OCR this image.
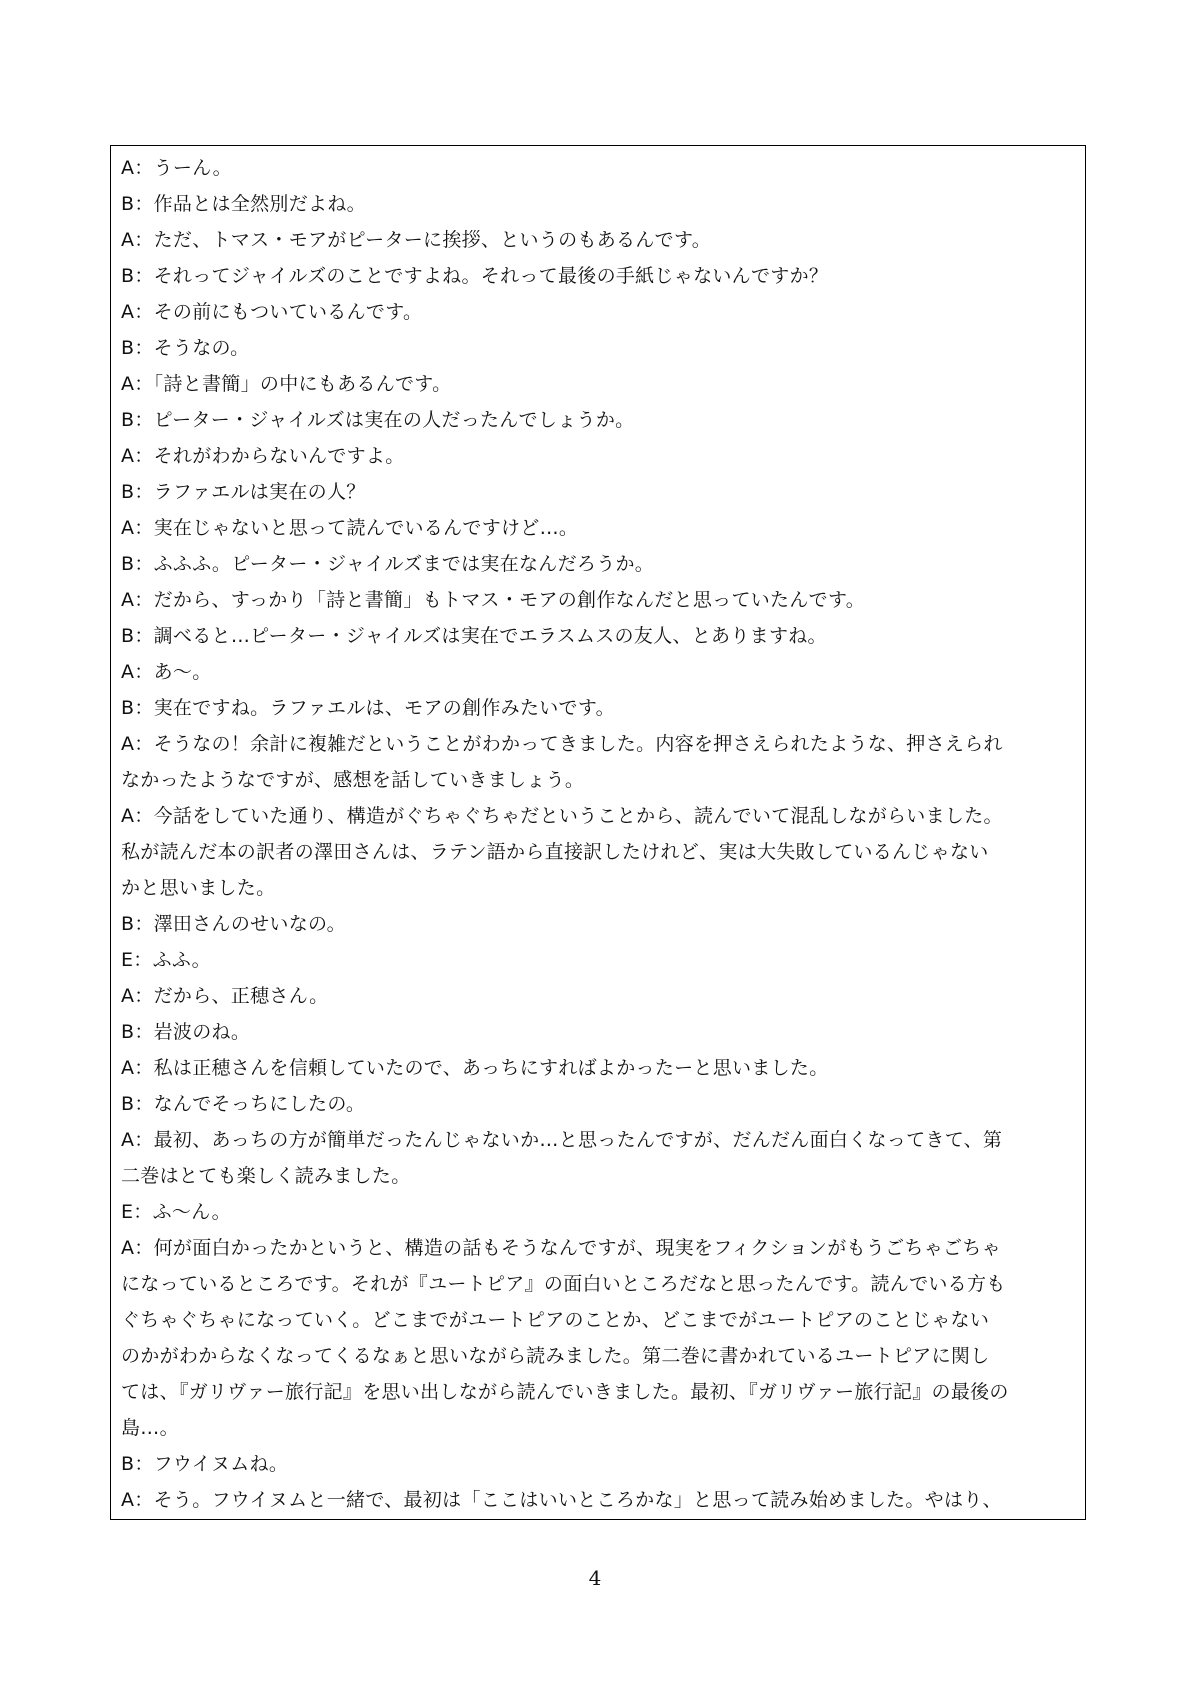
A：うーん。
B：作品とは全然別だよね。
A：ただ、トマス・モアがピーターに挨拶、というのもあるんです。
B：それってジャイルズのことですよね。それって最後の手紙じゃないんですか？
A：その前にもついているんです。
B：そうなの。
A：「詩と書簡」の中にもあるんです。
B：ピーター・ジャイルズは実在の人だったんでしょうか。
A：それがわからないんですよ。
B：ラファエルは実在の人？
A：実在じゃないと思って読んでいるんですけど…。
B：ふふふ。ピーター・ジャイルズまでは実在なんだろうか。
A：だから、すっかり「詩と書簡」もトマス・モアの創作なんだと思っていたんです。
B：調べると…ピーター・ジャイルズは実在でエラスムスの友人、とありますね。
A：あ〜。
B：実在ですね。ラファエルは、モアの創作みたいです。
A：そうなの！余計に複雑だということがわかってきました。内容を押さえられたような、押さえられ
なかったようなですが、感想を話していきましょう。
A：今話をしていた通り、構造がぐちゃぐちゃだということから、読んでいて混乱しながらいました。
私が読んだ本の訳者の澤田さんは、ラテン語から直接訳したけれど、実は大失敗しているんじゃない
かと思いました。
B：澤田さんのせいなの。
E：ふふ。
A：だから、正穂さん。
B：岩波のね。
A：私は正穂さんを信頼していたので、あっちにすればよかったーと思いました。
B：なんでそっちにしたの。
A：最初、あっちの方が簡単だったんじゃないか…と思ったんですが、だんだん面白くなってきて、第
二巻はとても楽しく読みました。
E：ふ〜ん。
A：何が面白かったかというと、構造の話もそうなんですが、現実をフィクションがもうごちゃごちゃ
になっているところです。それが『ユートピア』の面白いところだなと思ったんです。読んでいる方も
ぐちゃぐちゃになっていく。どこまでがユートピアのことか、どこまでがユートピアのことじゃない
のかがわからなくなってくるなぁと思いながら読みました。第二巻に書かれているユートピアに関し
ては、『ガリヴァー旅行記』を思い出しながら読んでいきました。最初、『ガリヴァー旅行記』の最後の
島…。
B：フウイヌムね。
A：そう。フウイヌムと一緒で、最初は「ここはいいところかな」と思って読み始めました。やはり、
4
